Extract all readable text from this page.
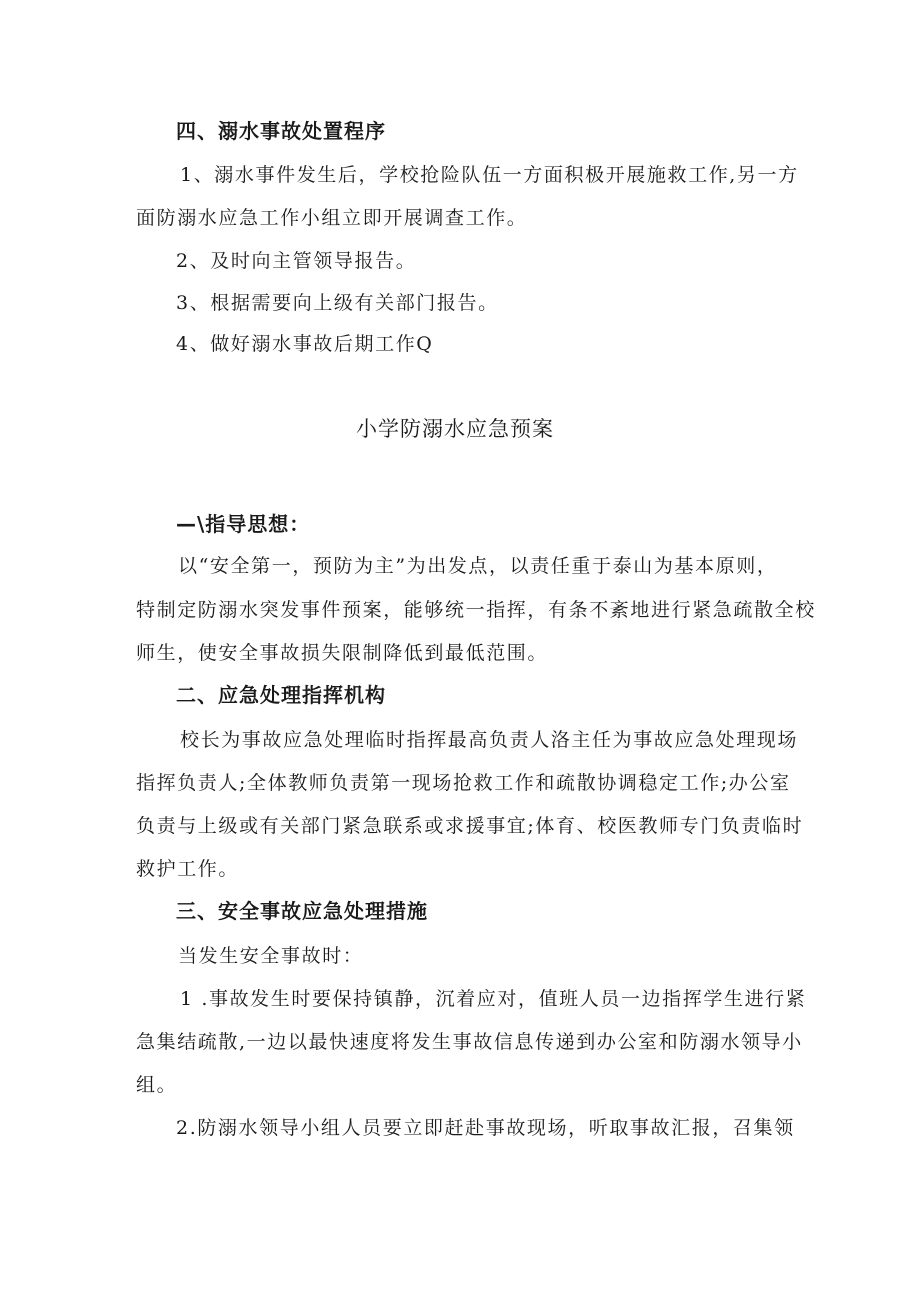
四、溺水事故处置程序
1、溺水事件发生后，学校抢险队伍一方面积极开展施救工作,另一方
面防溺水应急工作小组立即开展调查工作。
2、及时向主管领导报告。
3、根据需要向上级有关部门报告。
4、做好溺水事故后期工作Q
小学防溺水应急预案
—\指导思想：
以“安全第一，预防为主”为出发点，以责任重于泰山为基本原则，
特制定防溺水突发事件预案，能够统一指挥，有条不紊地进行紧急疏散全校
师生，使安全事故损失限制降低到最低范围。
二、应急处理指挥机构
校长为事故应急处理临时指挥最高负责人洛主任为事故应急处理现场
指挥负责人;全体教师负责第一现场抢救工作和疏散协调稳定工作;办公室
负责与上级或有关部门紧急联系或求援事宜;体育、校医教师专门负责临时
救护工作。
三、安全事故应急处理措施
当发生安全事故时：
1 .事故发生时要保持镇静，沉着应对，值班人员一边指挥学生进行紧
急集结疏散,一边以最快速度将发生事故信息传递到办公室和防溺水领导小
组。
2.防溺水领导小组人员要立即赶赴事故现场，听取事故汇报，召集领
